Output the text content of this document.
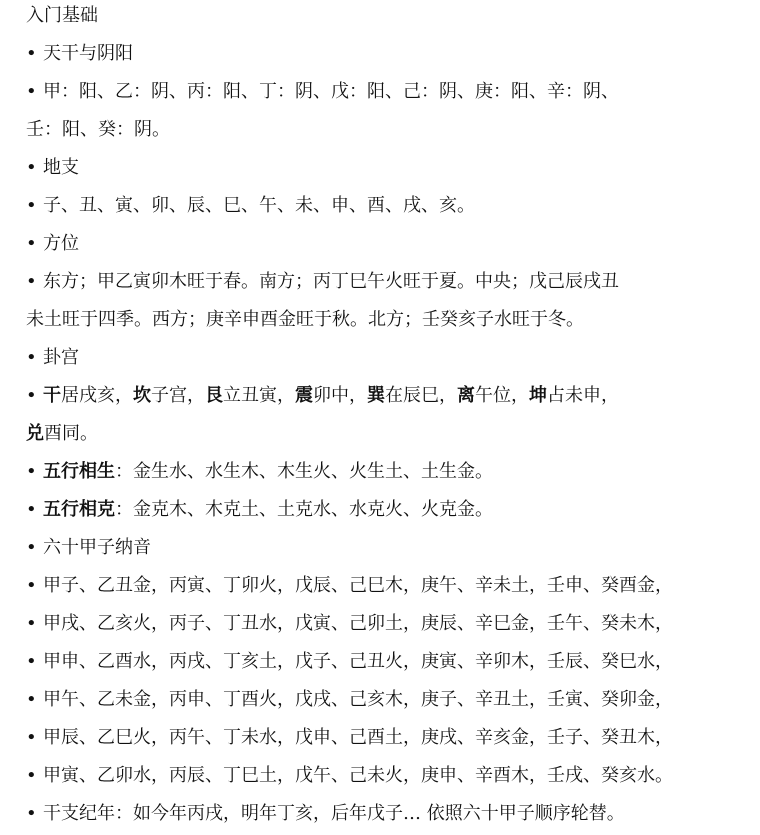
入门基础
• 天干与阴阳
• 甲：阳、乙：阴、丙：阳、丁：阴、戊：阳、己：阴、庚：阳、辛：阴、
壬：阳、癸：阴。
• 地支
• 子、丑、寅、卯、辰、巳、午、未、申、酉、戌、亥。
• 方位
• 东方；甲乙寅卯木旺于春。南方；丙丁巳午火旺于夏。中央；戊己辰戌丑
未土旺于四季。西方；庚辛申酉金旺于秋。北方；壬癸亥子水旺于冬。
• 卦宫
• 干居戌亥，坎子宫，艮立丑寅，震卯中，巽在辰巳，离午位，坤占未申，
兑酉同。
• 五行相生：金生水、水生木、木生火、火生土、土生金。
• 五行相克：金克木、木克土、土克水、水克火、火克金。
• 六十甲子纳音
• 甲子、乙丑金，丙寅、丁卯火，戊辰、己巳木，庚午、辛未土，壬申、癸酉金，
• 甲戌、乙亥火，丙子、丁丑水，戊寅、己卯土，庚辰、辛巳金，壬午、癸未木，
• 甲申、乙酉水，丙戌、丁亥土，戊子、己丑火，庚寅、辛卯木，壬辰、癸巳水，
• 甲午、乙未金，丙申、丁酉火，戊戌、己亥木，庚子、辛丑土，壬寅、癸卯金，
• 甲辰、乙巳火，丙午、丁未水，戊申、己酉土，庚戌、辛亥金，壬子、癸丑木，
• 甲寅、乙卯水，丙辰、丁巳土，戊午、己未火，庚申、辛酉木，壬戌、癸亥水。
• 干支纪年：如今年丙戌，明年丁亥，后年戊子… 依照六十甲子顺序轮替。
